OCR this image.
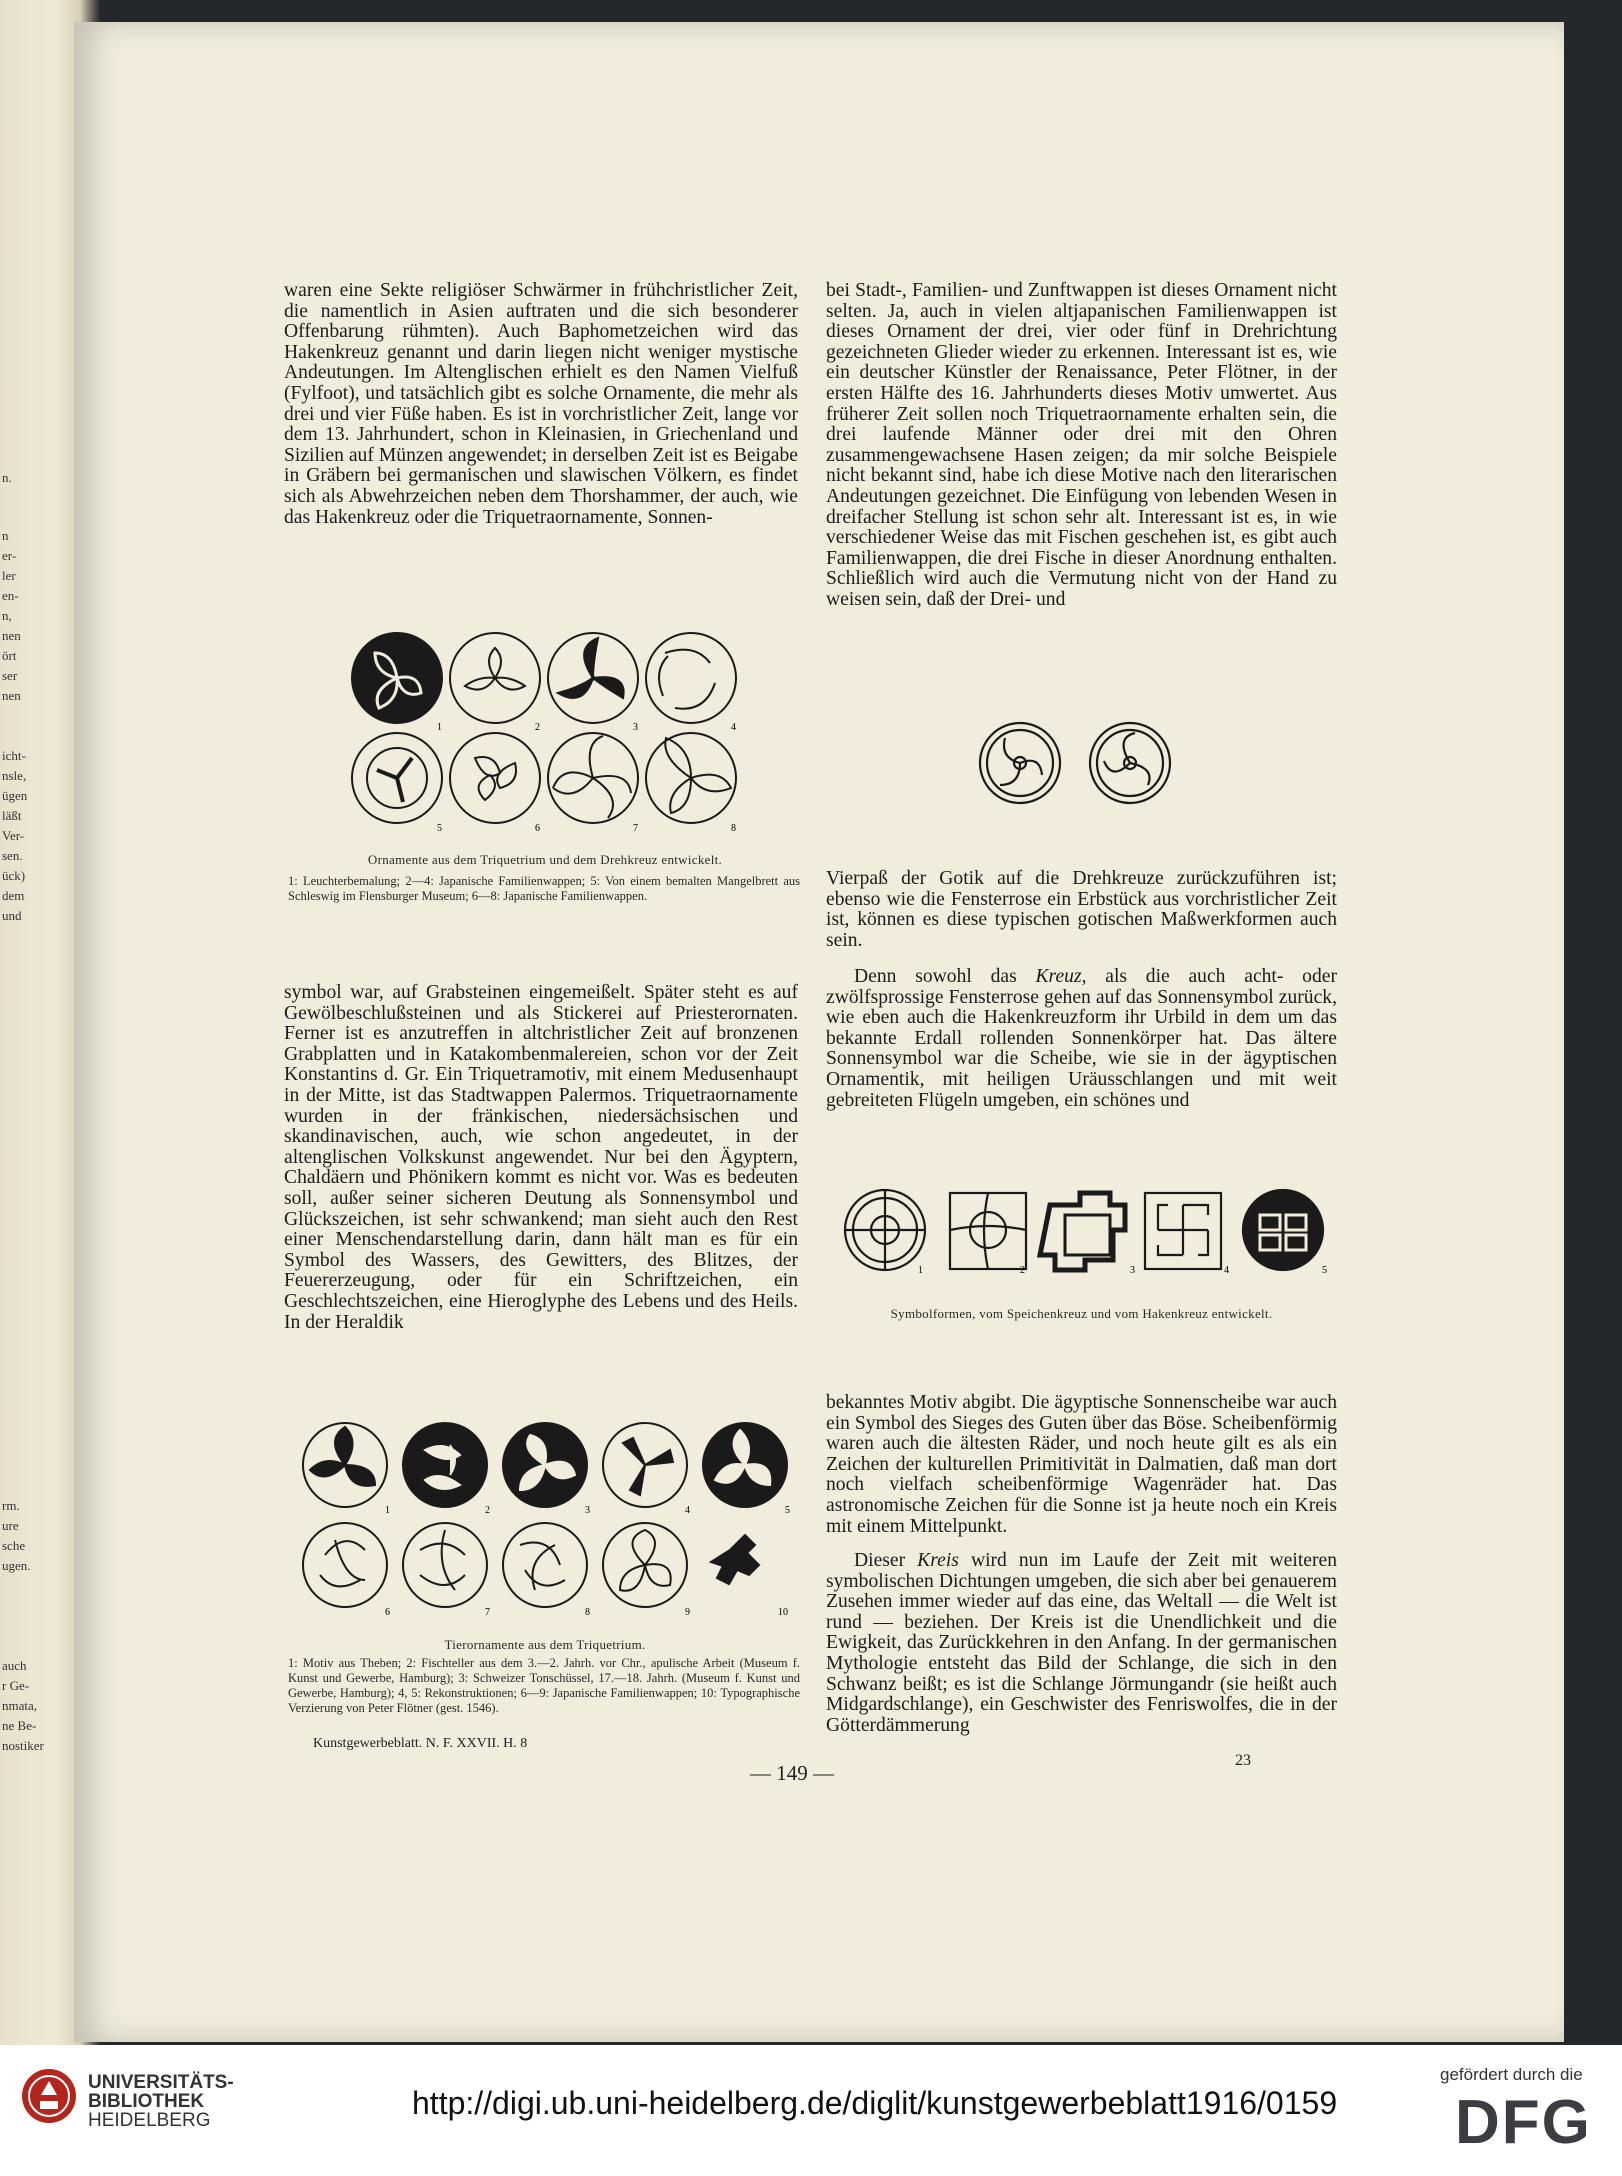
n.
n
er-
ler
en-
n,
nen
ört
ser
nen
icht-
nsle,
ügen
läßt
Ver-
sen.
ück)
dem
und
rm.
ure
sche
ugen.
auch
r Ge-
nmata,
ne Be-
nostiker
waren eine Sekte religiöser Schwärmer in frühchristlicher Zeit, die namentlich in Asien auftraten und die sich besonderer Offenbarung rühmten). Auch Baphometzeichen wird das Hakenkreuz genannt und darin liegen nicht weniger mystische Andeutungen. Im Altenglischen erhielt es den Namen Vielfuß (Fylfoot), und tatsächlich gibt es solche Ornamente, die mehr als drei und vier Füße haben. Es ist in vorchristlicher Zeit, lange vor dem 13. Jahrhundert, schon in Kleinasien, in Griechenland und Sizilien auf Münzen angewendet; in derselben Zeit ist es Beigabe in Gräbern bei germanischen und slawischen Völkern, es findet sich als Abwehrzeichen neben dem Thorshammer, der auch, wie das Hakenkreuz oder die Triquetraornamente, Sonnen-
1	2	3	4
5	6	7	8
Ornamente aus dem Triquetrium und dem Drehkreuz entwickelt.
1: Leuchterbemalung; 2—4: Japanische Familienwappen; 5: Von einem bemalten Mangelbrett aus Schleswig im Flensburger Museum; 6—8: Japanische Familienwappen.
symbol war, auf Grabsteinen eingemeißelt. Später steht es auf Gewölbeschlußsteinen und als Stickerei auf Priesterornaten. Ferner ist es anzutreffen in altchristlicher Zeit auf bronzenen Grabplatten und in Katakombenmalereien, schon vor der Zeit Konstantins d. Gr. Ein Triquetramotiv, mit einem Medusenhaupt in der Mitte, ist das Stadtwappen Palermos. Triquetraornamente wurden in der fränkischen, niedersächsischen und skandinavischen, auch, wie schon angedeutet, in der altenglischen Volkskunst angewendet. Nur bei den Ägyptern, Chaldäern und Phönikern kommt es nicht vor. Was es bedeuten soll, außer seiner sicheren Deutung als Sonnensymbol und Glückszeichen, ist sehr schwankend; man sieht auch den Rest einer Menschendarstellung darin, dann hält man es für ein Symbol des Wassers, des Gewitters, des Blitzes, der Feuererzeugung, oder für ein Schriftzeichen, ein Geschlechtszeichen, eine Hieroglyphe des Lebens und des Heils. In der Heraldik
1	2	3	4	5
6	7	8	9	10
Tierornamente aus dem Triquetrium.
1: Motiv aus Theben; 2: Fischteller aus dem 3.—2. Jahrh. vor Chr., apulische Arbeit (Museum f. Kunst und Gewerbe, Hamburg); 3: Schweizer Tonschüssel, 17.—18. Jahrh. (Museum f. Kunst und Gewerbe, Hamburg); 4, 5: Rekonstruktionen; 6—9: Japanische Familienwappen; 10: Typographische Verzierung von Peter Flötner (gest. 1546).
Kunstgewerbeblatt. N. F. XXVII. H. 8
bei Stadt-, Familien- und Zunftwappen ist dieses Ornament nicht selten. Ja, auch in vielen altjapanischen Familienwappen ist dieses Ornament der drei, vier oder fünf in Drehrichtung gezeichneten Glieder wieder zu erkennen. Interessant ist es, wie ein deutscher Künstler der Renaissance, Peter Flötner, in der ersten Hälfte des 16. Jahrhunderts dieses Motiv umwertet. Aus früherer Zeit sollen noch Triquetraornamente erhalten sein, die drei laufende Männer oder drei mit den Ohren zusammengewachsene Hasen zeigen; da mir solche Beispiele nicht bekannt sind, habe ich diese Motive nach den literarischen Andeutungen gezeichnet. Die Einfügung von lebenden Wesen in dreifacher Stellung ist schon sehr alt. Interessant ist es, in wie verschiedener Weise das mit Fischen geschehen ist, es gibt auch Familienwappen, die drei Fische in dieser Anordnung enthalten. Schließlich wird auch die Vermutung nicht von der Hand zu weisen sein, daß der Drei- und
Vierpaß der Gotik auf die Drehkreuze zurückzuführen ist; ebenso wie die Fensterrose ein Erbstück aus vorchristlicher Zeit ist, können es diese typischen gotischen Maßwerkformen auch sein.
Denn sowohl das Kreuz, als die auch acht- oder zwölfsprossige Fensterrose gehen auf das Sonnensymbol zurück, wie eben auch die Hakenkreuzform ihr Urbild in dem um das bekannte Erdall rollenden Sonnenkörper hat. Das ältere Sonnensymbol war die Scheibe, wie sie in der ägyptischen Ornamentik, mit heiligen Uräusschlangen und mit weit gebreiteten Flügeln umgeben, ein schönes und
1	2	3	4	5
Symbolformen, vom Speichenkreuz und vom Hakenkreuz entwickelt.
bekanntes Motiv abgibt. Die ägyptische Sonnenscheibe war auch ein Symbol des Sieges des Guten über das Böse. Scheibenförmig waren auch die ältesten Räder, und noch heute gilt es als ein Zeichen der kulturellen Primitivität in Dalmatien, daß man dort noch vielfach scheibenförmige Wagenräder hat. Das astronomische Zeichen für die Sonne ist ja heute noch ein Kreis mit einem Mittelpunkt.
Dieser Kreis wird nun im Laufe der Zeit mit weiteren symbolischen Dichtungen umgeben, die sich aber bei genauerem Zusehen immer wieder auf das eine, das Weltall — die Welt ist rund — beziehen. Der Kreis ist die Unendlichkeit und die Ewigkeit, das Zurückkehren in den Anfang. In der germanischen Mythologie entsteht das Bild der Schlange, die sich in den Schwanz beißt; es ist die Schlange Jörmungandr (sie heißt auch Midgardschlange), ein Geschwister des Fenriswolfes, die in der Götterdämmerung
— 149 —
23
UNIVERSITÄTS-
BIBLIOTHEK
HEIDELBERG	http://digi.ub.uni-heidelberg.de/diglit/kunstgewerbeblatt1916/0159
gefördert durch die
DFG
